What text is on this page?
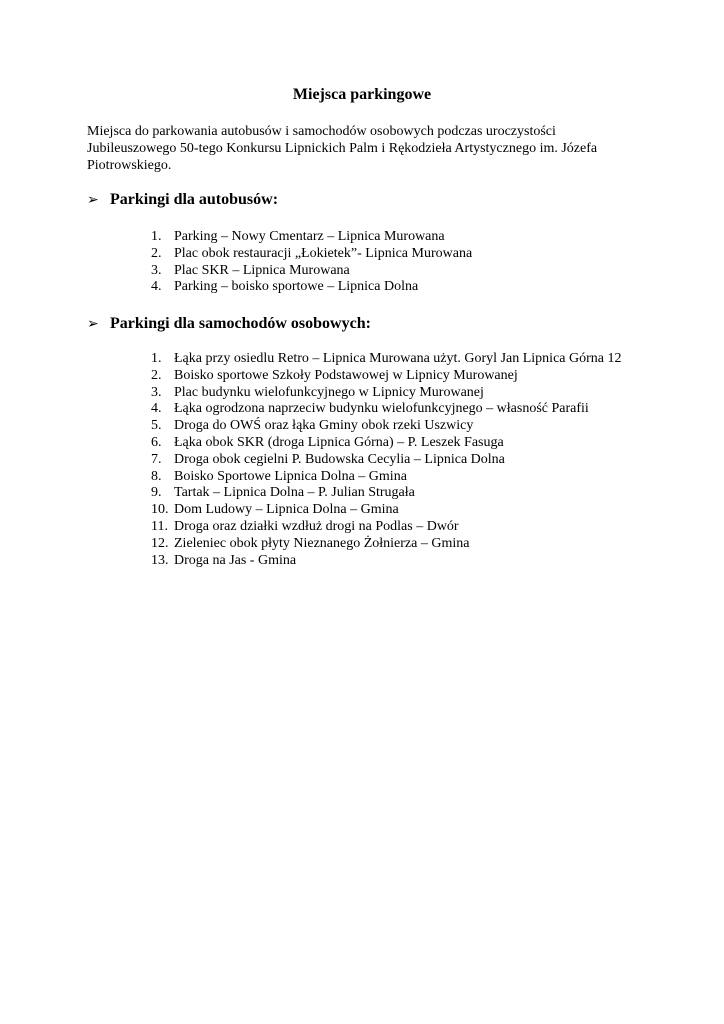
Miejsca parkingowe

Miejsca do parkowania autobusów i samochodów osobowych podczas uroczystości Jubileuszowego 50-tego Konkursu Lipnickich Palm i Rękodzieła Artystycznego im. Józefa Piotrowskiego.

➢ Parkingi dla autobusów:
1. Parking – Nowy Cmentarz – Lipnica Murowana
2. Plac obok restauracji „Łokietek”- Lipnica Murowana
3. Plac SKR – Lipnica Murowana
4. Parking – boisko sportowe – Lipnica Dolna
➢ Parkingi dla samochodów osobowych:
1. Łąka przy osiedlu Retro – Lipnica Murowana użyt. Goryl Jan Lipnica Górna 12
2. Boisko sportowe Szkoły Podstawowej w Lipnicy Murowanej
3. Plac budynku wielofunkcyjnego w Lipnicy Murowanej
4. Łąka ogrodzona naprzeciw budynku wielofunkcyjnego – własność Parafii
5. Droga do OWŚ oraz łąka Gminy obok rzeki Uszwicy
6. Łąka obok SKR (droga Lipnica Górna) – P. Leszek Fasuga
7. Droga obok cegielni P. Budowska Cecylia – Lipnica Dolna
8. Boisko Sportowe Lipnica Dolna – Gmina
9. Tartak – Lipnica Dolna – P. Julian Strugała
10. Dom Ludowy – Lipnica Dolna – Gmina
11. Droga oraz działki wzdłuż drogi na Podlas – Dwór
12. Zieleniec obok płyty Nieznanego Żołnierza – Gmina
13. Droga na Jas - Gmina
